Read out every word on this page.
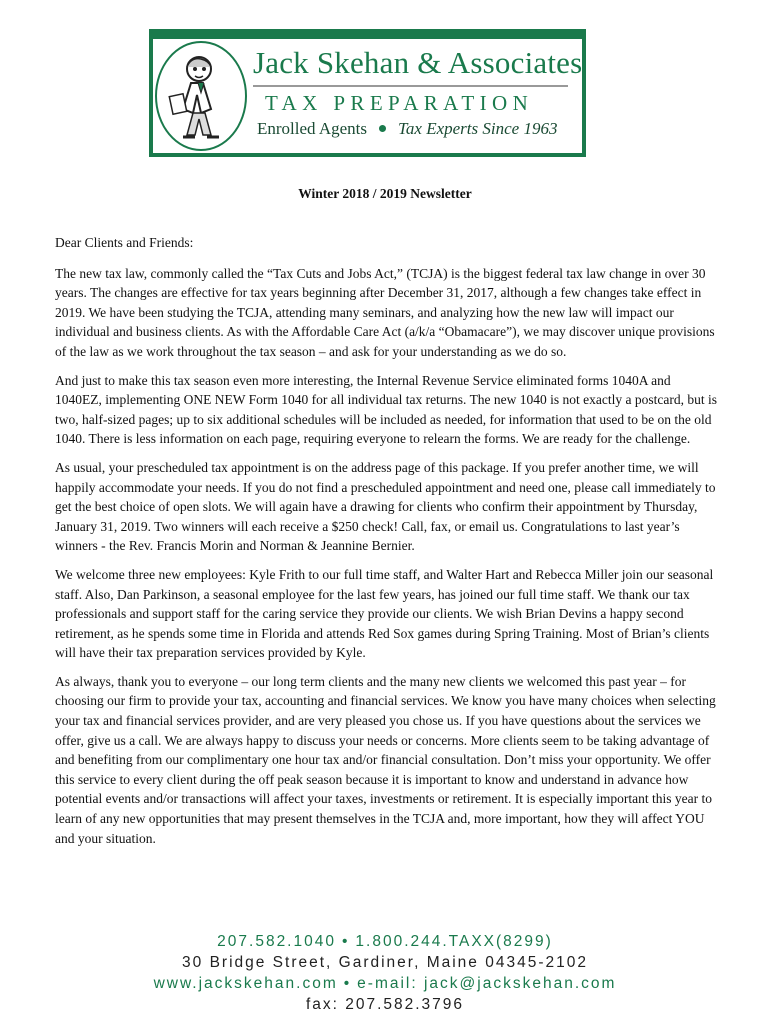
Jack Skehan & Associates
TAX PREPARATION
Enrolled Agents Tax Experts Since 1963
Winter 2018 / 2019 Newsletter

Dear Clients and Friends:

The new tax law, commonly called the “Tax Cuts and Jobs Act,” (TCJA) is the biggest federal tax law change in over 30 years. The changes are effective for tax years beginning after December 31, 2017, although a few changes take effect in 2019. We have been studying the TCJA, attending many seminars, and analyzing how the new law will impact our individual and business clients. As with the Affordable Care Act (a/k/a “Obamacare”), we may discover unique provisions of the law as we work throughout the tax season – and ask for your understanding as we do so.

And just to make this tax season even more interesting, the Internal Revenue Service eliminated forms 1040A and 1040EZ, implementing ONE NEW Form 1040 for all individual tax returns. The new 1040 is not exactly a postcard, but is two, half-sized pages; up to six additional schedules will be included as needed, for information that used to be on the old 1040. There is less information on each page, requiring everyone to relearn the forms. We are ready for the challenge.

As usual, your prescheduled tax appointment is on the address page of this package. If you prefer another time, we will happily accommodate your needs. If you do not find a prescheduled appointment and need one, please call immediately to get the best choice of open slots. We will again have a drawing for clients who confirm their appointment by Thursday, January 31, 2019. Two winners will each receive a $250 check! Call, fax, or email us. Congratulations to last year’s winners - the Rev. Francis Morin and Norman & Jeannine Bernier.

We welcome three new employees: Kyle Frith to our full time staff, and Walter Hart and Rebecca Miller join our seasonal staff. Also, Dan Parkinson, a seasonal employee for the last few years, has joined our full time staff. We thank our tax professionals and support staff for the caring service they provide our clients. We wish Brian Devins a happy second retirement, as he spends some time in Florida and attends Red Sox games during Spring Training. Most of Brian’s clients will have their tax preparation services provided by Kyle.

As always, thank you to everyone – our long term clients and the many new clients we welcomed this past year – for choosing our firm to provide your tax, accounting and financial services. We know you have many choices when selecting your tax and financial services provider, and are very pleased you chose us. If you have questions about the services we offer, give us a call. We are always happy to discuss your needs or concerns. More clients seem to be taking advantage of and benefiting from our complimentary one hour tax and/or financial consultation. Don’t miss your opportunity. We offer this service to every client during the off peak season because it is important to know and understand in advance how potential events and/or transactions will affect your taxes, investments or retirement. It is especially important this year to learn of any new opportunities that may present themselves in the TCJA and, more important, how they will affect YOU and your situation.

207.582.1040 • 1.800.244.TAXX(8299)
30 Bridge Street, Gardiner, Maine 04345-2102
www.jackskehan.com • e-mail: jack@jackskehan.com
fax: 207.582.3796
